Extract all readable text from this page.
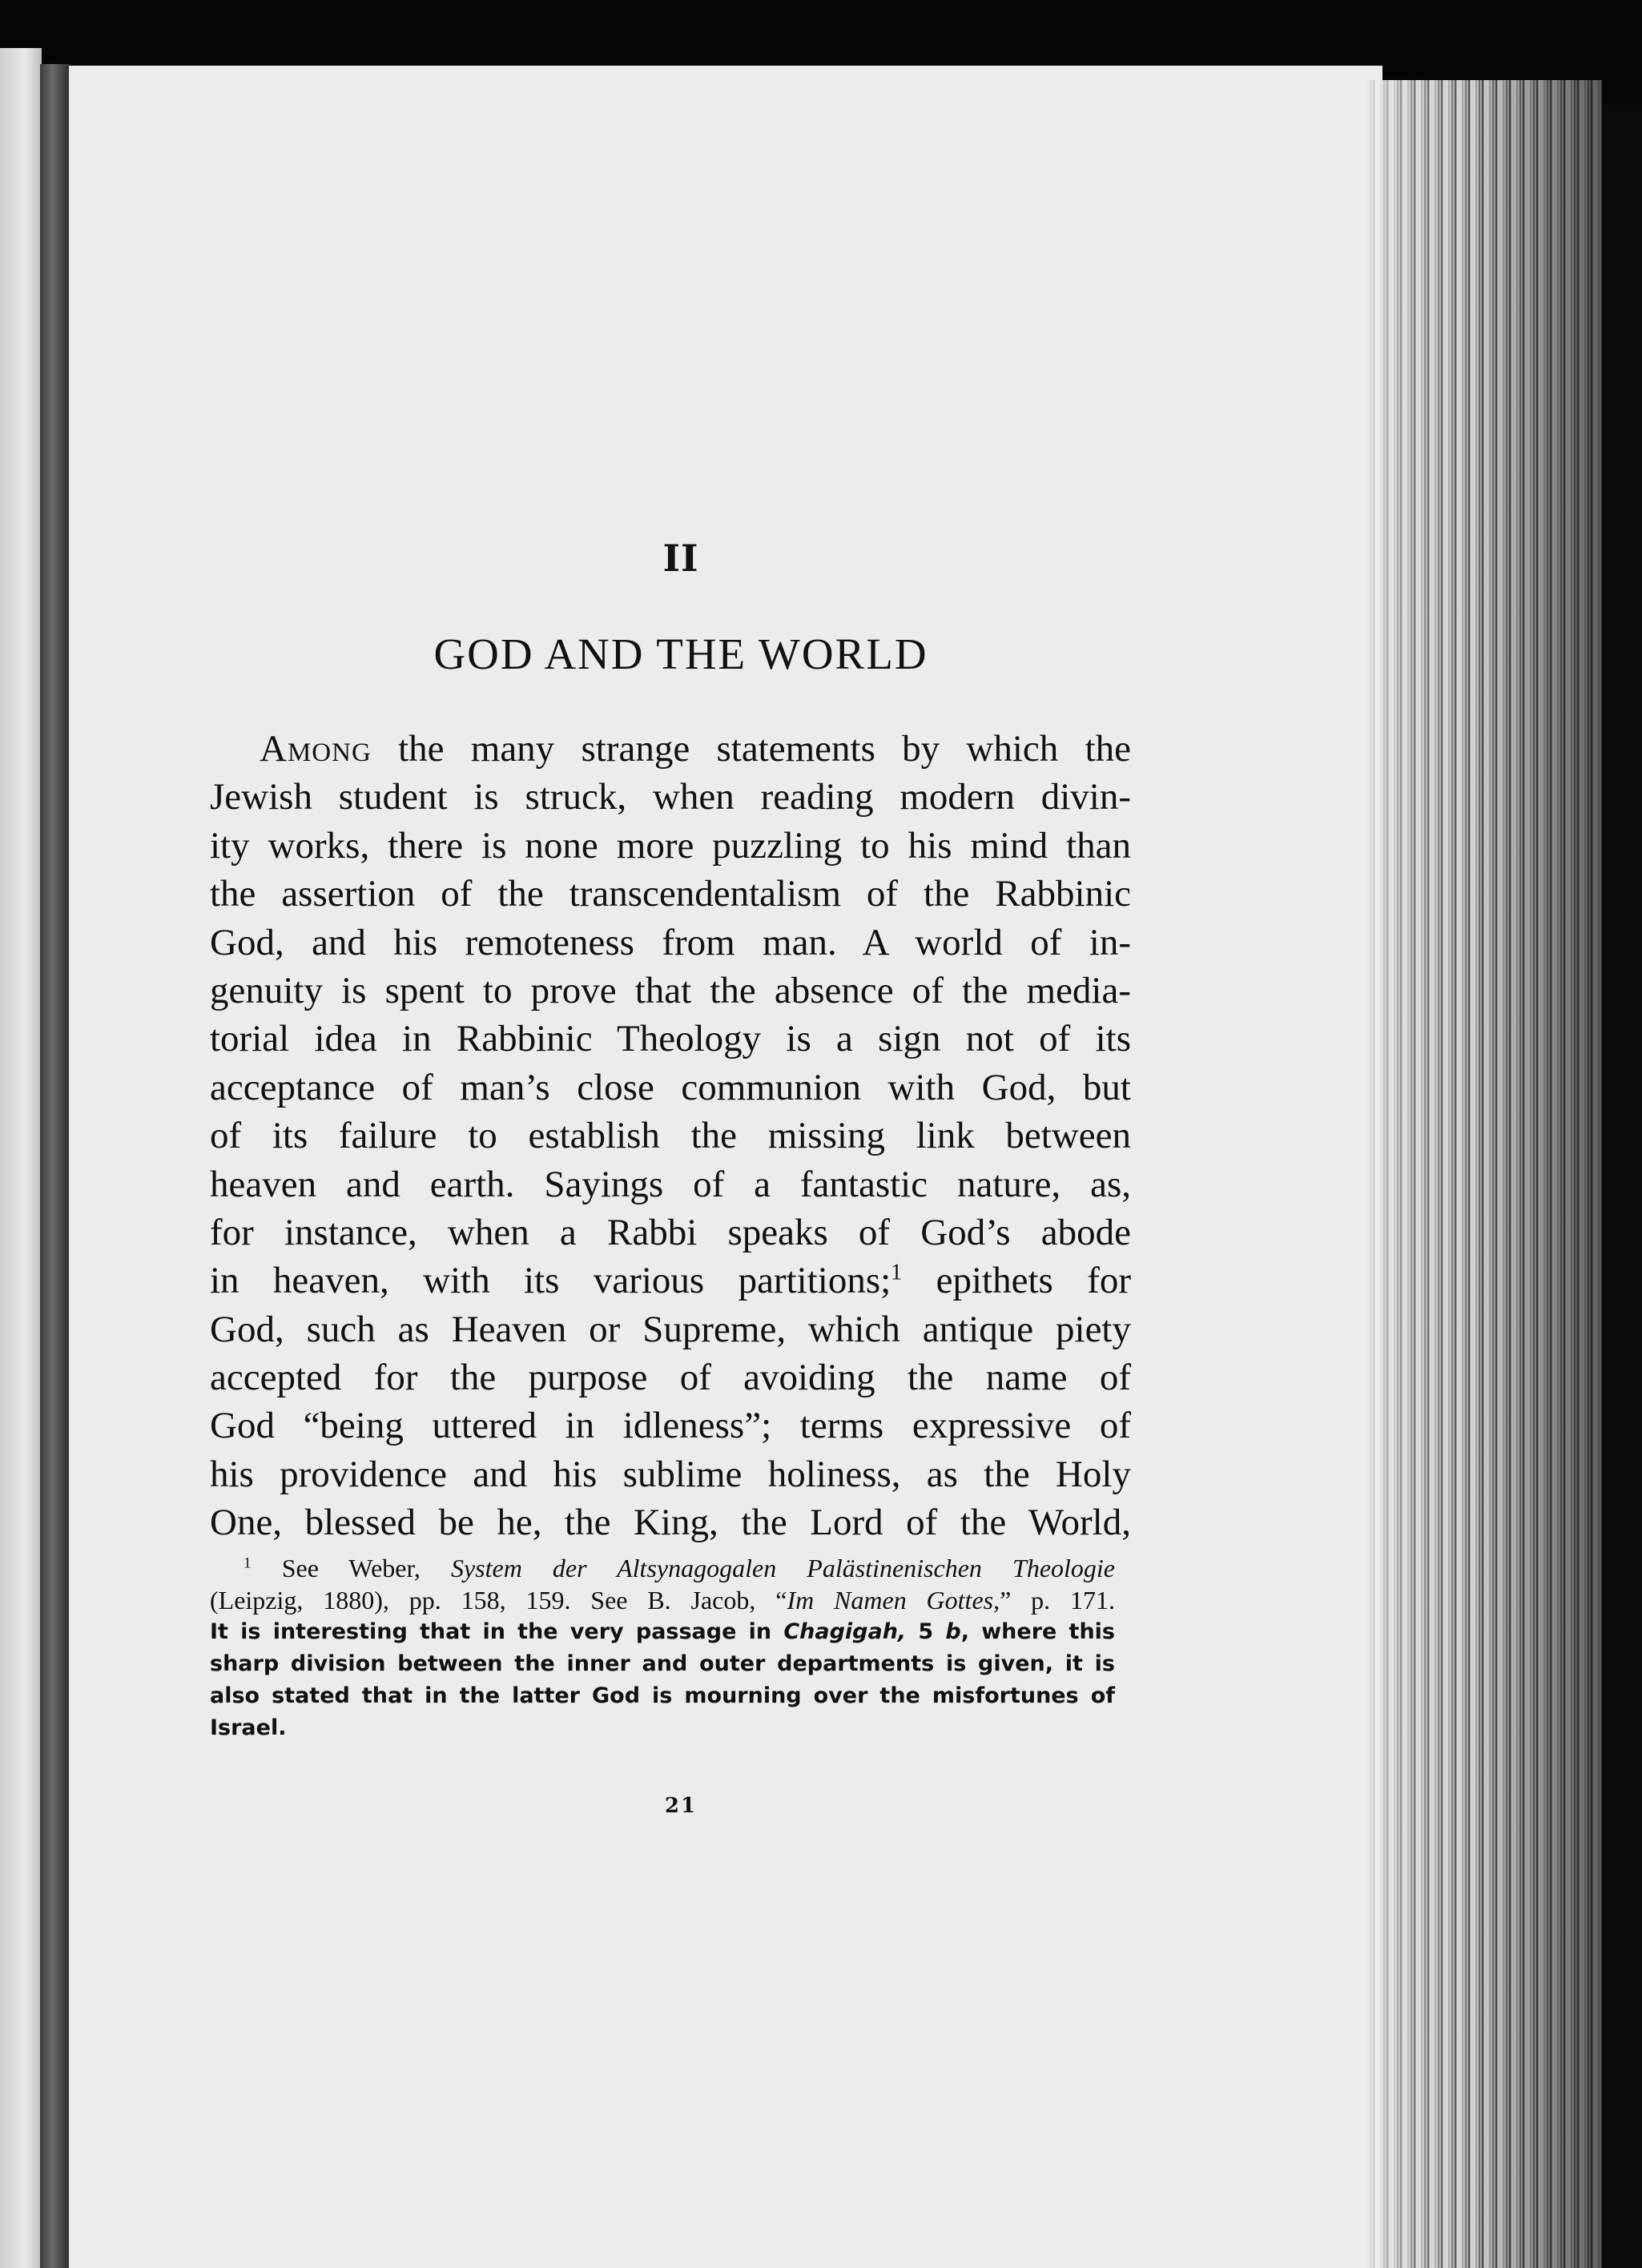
II
GOD AND THE WORLD
Among the many strange statements by which the
Jewish student is struck, when reading modern divin-
ity works, there is none more puzzling to his mind than
the assertion of the transcendentalism of the Rabbinic
God, and his remoteness from man. A world of in-
genuity is spent to prove that the absence of the media-
torial idea in Rabbinic Theology is a sign not of its
acceptance of man’s close communion with God, but
of its failure to establish the missing link between
heaven and earth. Sayings of a fantastic nature, as,
for instance, when a Rabbi speaks of God’s abode
in heaven, with its various partitions;$^1$ epithets for
God, such as Heaven or Supreme, which antique piety
accepted for the purpose of avoiding the name of
God “being uttered in idleness”; terms expressive of
his providence and his sublime holiness, as the Holy
One, blessed be he, the King, the Lord of the World,
$^1$ See Weber, System der Altsynagogalen Palästinenischen Theologie
(Leipzig, 1880), pp. 158, 159. See B. Jacob, “Im Namen Gottes,” p. 171.
It is interesting that in the very passage in Chagigah, 5 b, where this
sharp division between the inner and outer departments is given, it is
also stated that in the latter God is mourning over the misfortunes of
Israel.
21
